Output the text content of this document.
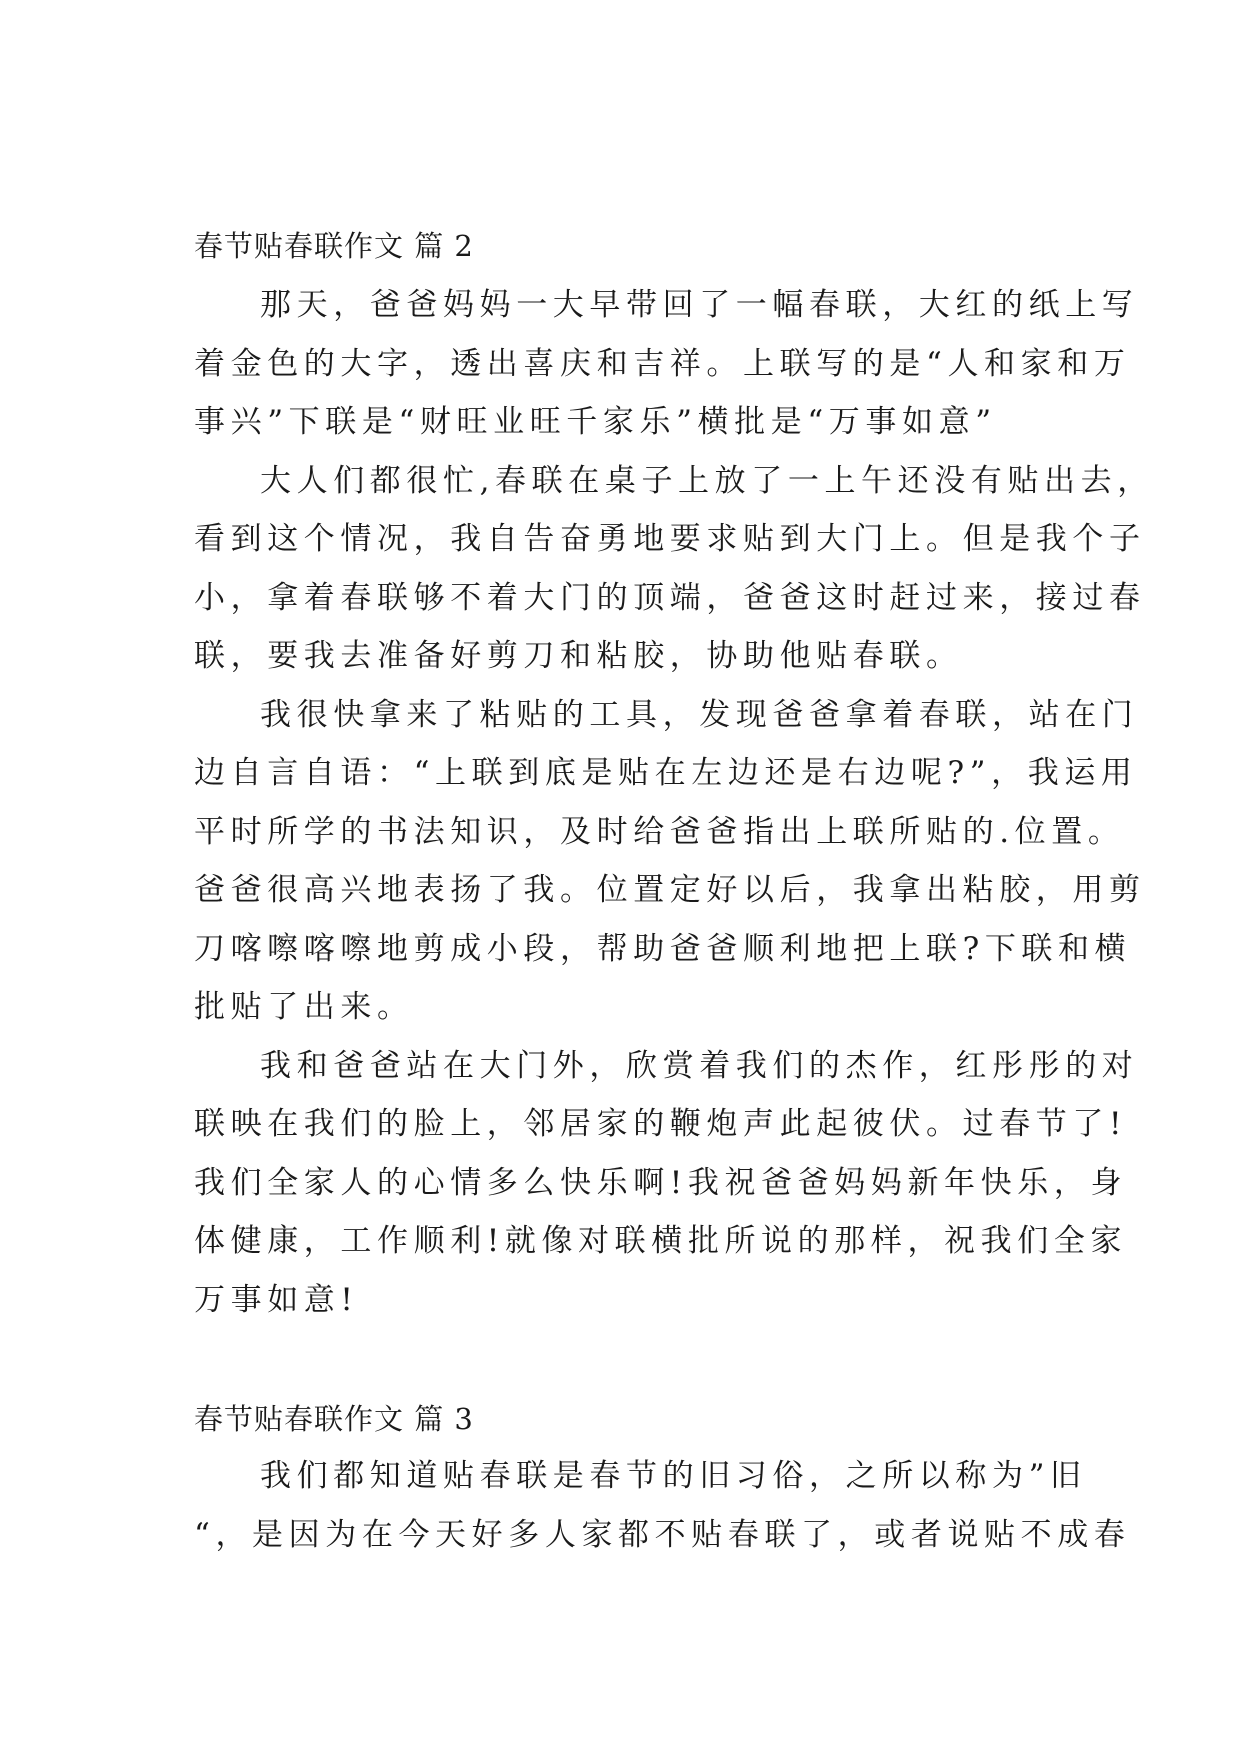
春节贴春联作文 篇 2

那天，爸爸妈妈一大早带回了一幅春联，大红的纸上写
着金色的大字，透出喜庆和吉祥。上联写的是“人和家和万
事兴”下联是“财旺业旺千家乐”横批是“万事如意”

大人们都很忙,春联在桌子上放了一上午还没有贴出去，
看到这个情况，我自告奋勇地要求贴到大门上。但是我个子
小，拿着春联够不着大门的顶端，爸爸这时赶过来，接过春
联，要我去准备好剪刀和粘胶，协助他贴春联。

我很快拿来了粘贴的工具，发现爸爸拿着春联，站在门
边自言自语：“上联到底是贴在左边还是右边呢?”，我运用
平时所学的书法知识，及时给爸爸指出上联所贴的.位置。
爸爸很高兴地表扬了我。位置定好以后，我拿出粘胶，用剪
刀喀嚓喀嚓地剪成小段，帮助爸爸顺利地把上联?下联和横
批贴了出来。

我和爸爸站在大门外，欣赏着我们的杰作，红彤彤的对
联映在我们的脸上，邻居家的鞭炮声此起彼伏。过春节了!
我们全家人的心情多么快乐啊!我祝爸爸妈妈新年快乐，身
体健康，工作顺利!就像对联横批所说的那样，祝我们全家
万事如意!

春节贴春联作文 篇 3

我们都知道贴春联是春节的旧习俗，之所以称为”旧
“，是因为在今天好多人家都不贴春联了，或者说贴不成春
